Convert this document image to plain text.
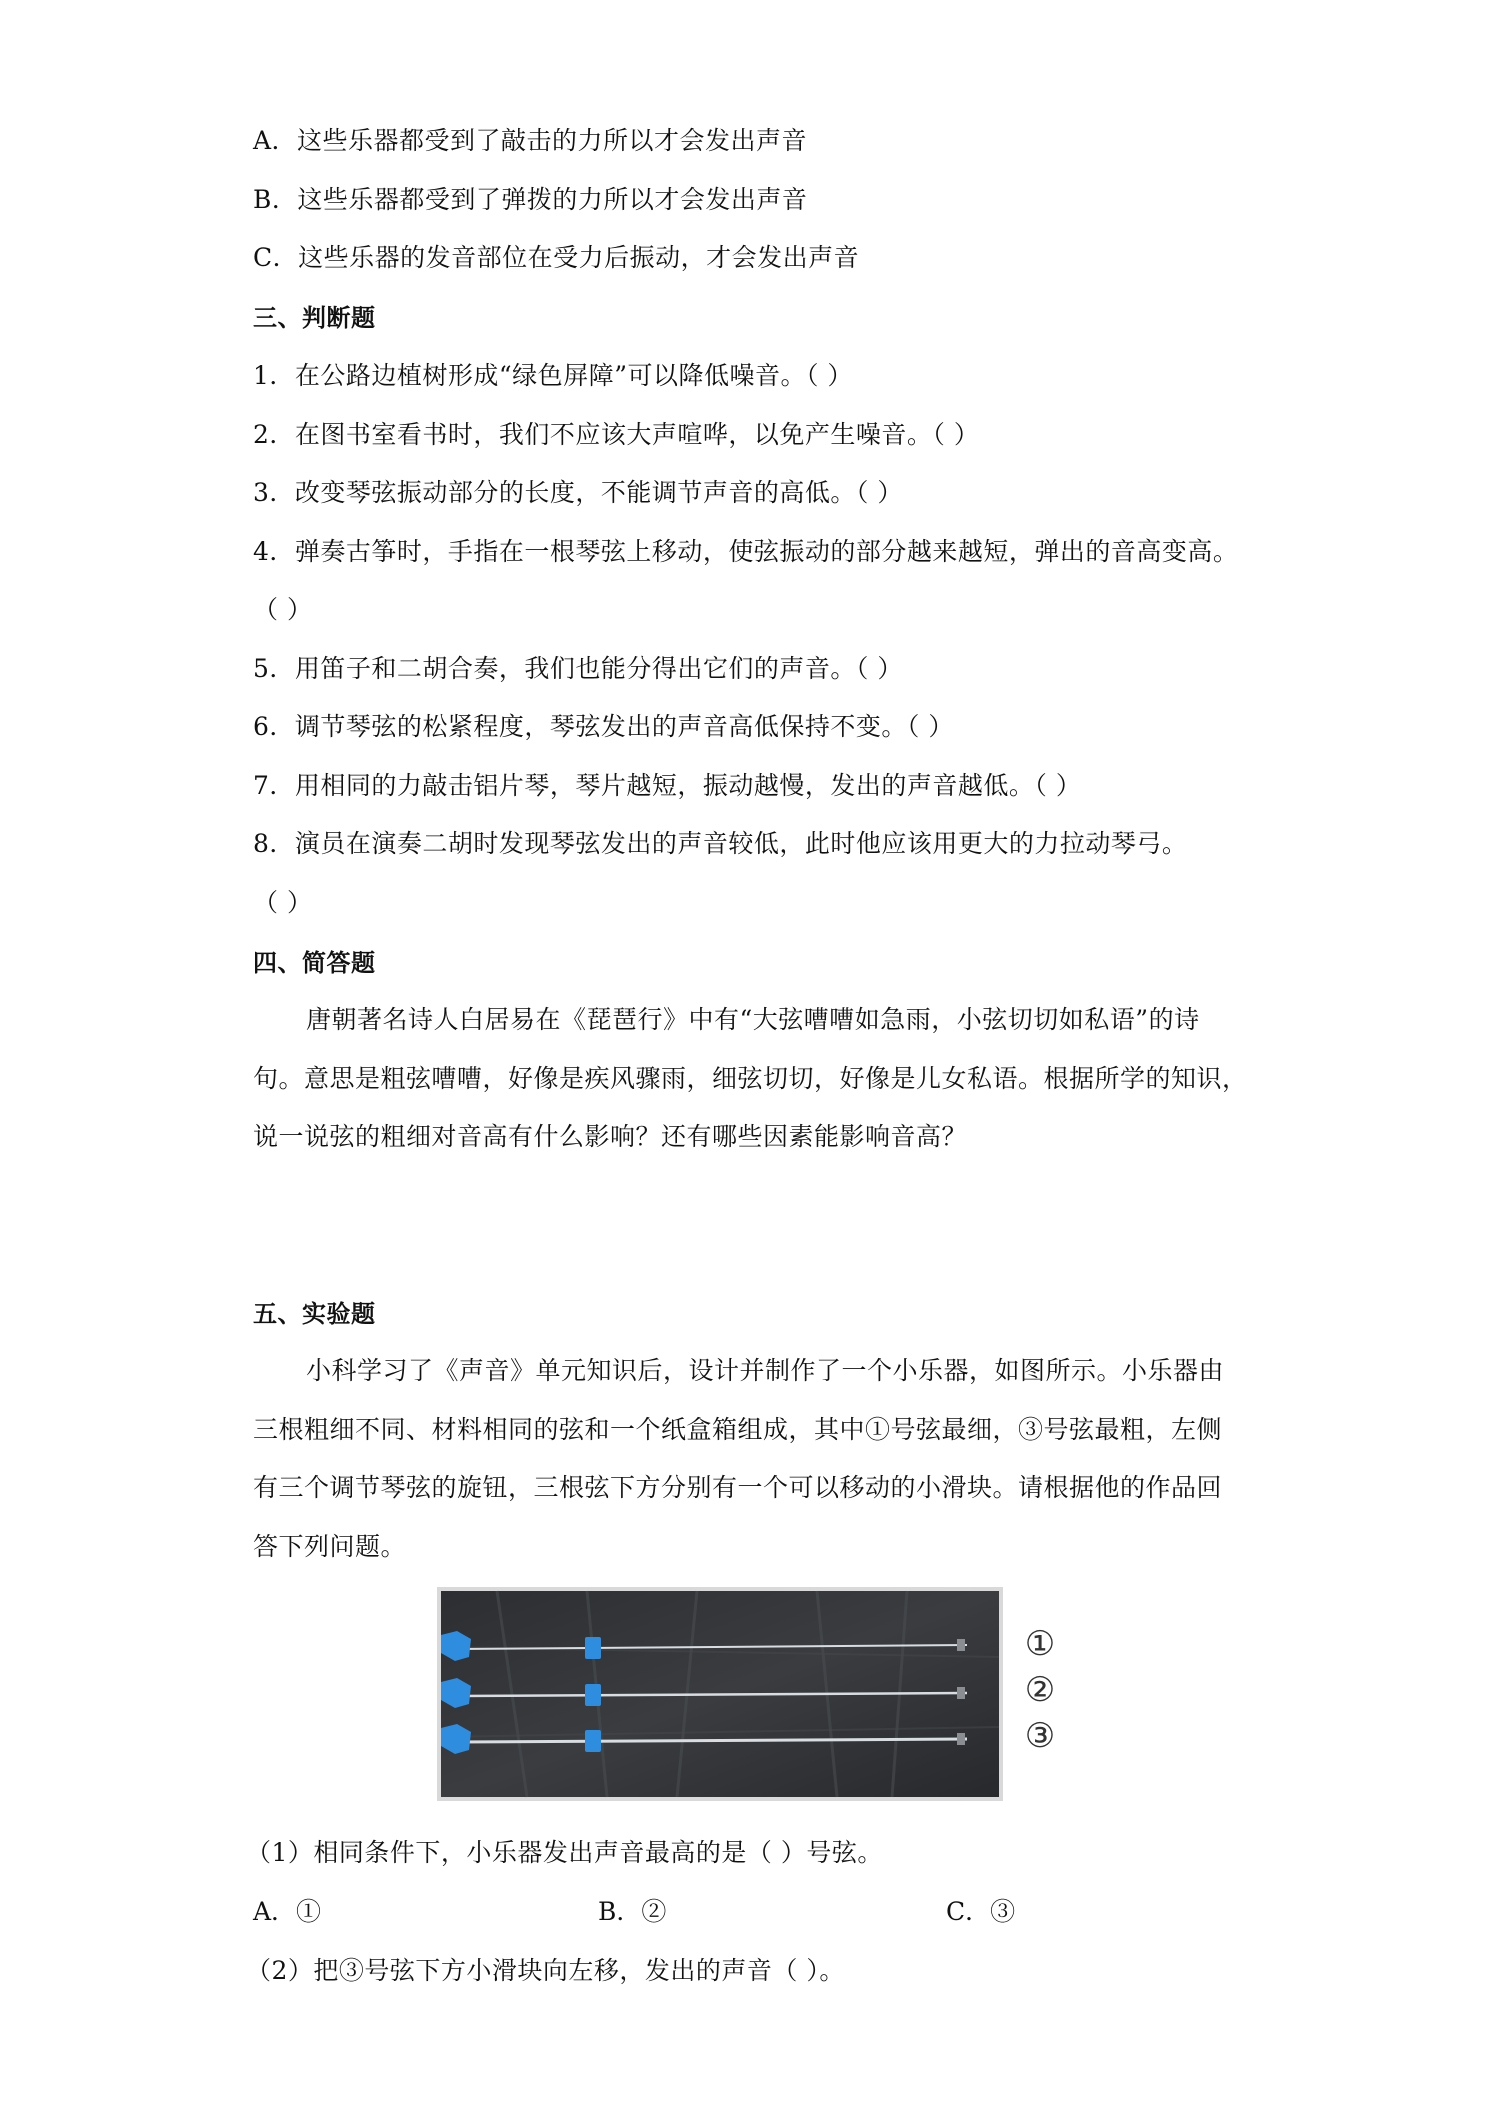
A．这些乐器都受到了敲击的力所以才会发出声音
B．这些乐器都受到了弹拨的力所以才会发出声音
C．这些乐器的发音部位在受力后振动，才会发出声音
三、判断题
1．在公路边植树形成“绿色屏障”可以降低噪音。（ ）
2．在图书室看书时，我们不应该大声喧哗，以免产生噪音。（ ）
3．改变琴弦振动部分的长度，不能调节声音的高低。（ ）
4．弹奏古筝时，手指在一根琴弦上移动，使弦振动的部分越来越短，弹出的音高变高。
（ ）
5．用笛子和二胡合奏，我们也能分得出它们的声音。（ ）
6．调节琴弦的松紧程度，琴弦发出的声音高低保持不变。（ ）
7．用相同的力敲击铝片琴，琴片越短，振动越慢，发出的声音越低。（ ）
8．演员在演奏二胡时发现琴弦发出的声音较低，此时他应该用更大的力拉动琴弓。
（ ）
四、简答题
唐朝著名诗人白居易在《琵琶行》中有“大弦嘈嘈如急雨，小弦切切如私语”的诗
句。意思是粗弦嘈嘈，好像是疾风骤雨，细弦切切，好像是儿女私语。根据所学的知识，
说一说弦的粗细对音高有什么影响？还有哪些因素能影响音高？
五、实验题
小科学习了《声音》单元知识后，设计并制作了一个小乐器，如图所示。小乐器由
三根粗细不同、材料相同的弦和一个纸盒箱组成，其中①号弦最细，③号弦最粗，左侧
有三个调节琴弦的旋钮，三根弦下方分别有一个可以移动的小滑块。请根据他的作品回
答下列问题。
①
②
③
（1）相同条件下，小乐器发出声音最高的是（ ）号弦。
A．①	B．②	C．③
（2）把③号弦下方小滑块向左移，发出的声音（ ）。
